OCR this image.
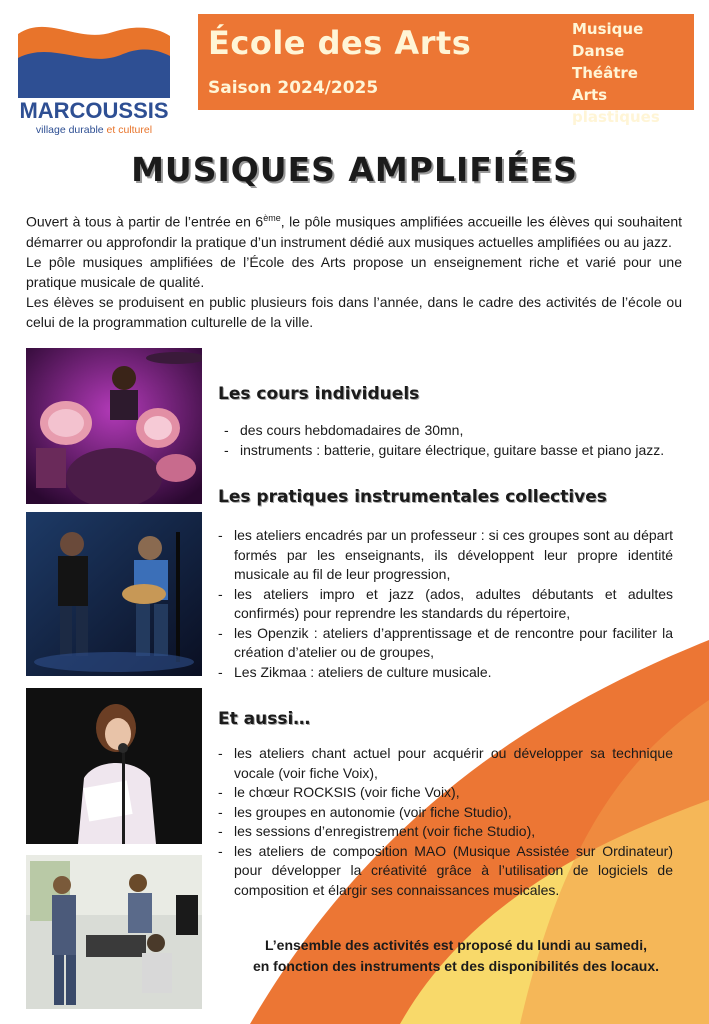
MARCOUSSIS
village durable et culturel
École des Arts
Saison 2024/2025
Musique
Danse
Théâtre
Arts plastiques
MUSIQUES AMPLIFIÉES

Ouvert à tous à partir de l’entrée en 6ème, le pôle musiques amplifiées accueille les élèves qui souhaitent démarrer ou approfondir la pratique d’un instrument dédié aux musiques actuelles amplifiées ou au jazz.

Le pôle musiques amplifiées de l’École des Arts propose un enseignement riche et varié pour une pratique musicale de qualité.

Les élèves se produisent en public plusieurs fois dans l’année, dans le cadre des activités de l’école ou celui de la programmation culturelle de la ville.

Les cours individuels
- des cours hebdomadaires de 30mn,
- instruments : batterie, guitare électrique, guitare basse et piano jazz.
Les pratiques instrumentales collectives
- les ateliers encadrés par un professeur : si ces groupes sont au départ formés par les enseignants, ils développent leur propre identité musicale au fil de leur progression,
- les ateliers impro et jazz (ados, adultes débutants et adultes confirmés) pour reprendre les standards du répertoire,
- les Openzik : ateliers d’apprentissage et de rencontre pour faciliter la création d’atelier ou de groupes,
- Les Zikmaa : ateliers de culture musicale.
Et aussi…
- les ateliers chant actuel pour acquérir ou développer sa technique vocale (voir fiche Voix),
- le chœur ROCKSIS (voir fiche Voix),
- les groupes en autonomie (voir fiche Studio),
- les sessions d’enregistrement (voir fiche Studio),
- les ateliers de composition MAO (Musique Assistée sur Ordinateur) pour développer la créativité grâce à l’utilisation de logiciels de composition et élargir ses connaissances musicales.
L’ensemble des activités est proposé du lundi au samedi,
en fonction des instruments et des disponibilités des locaux.
